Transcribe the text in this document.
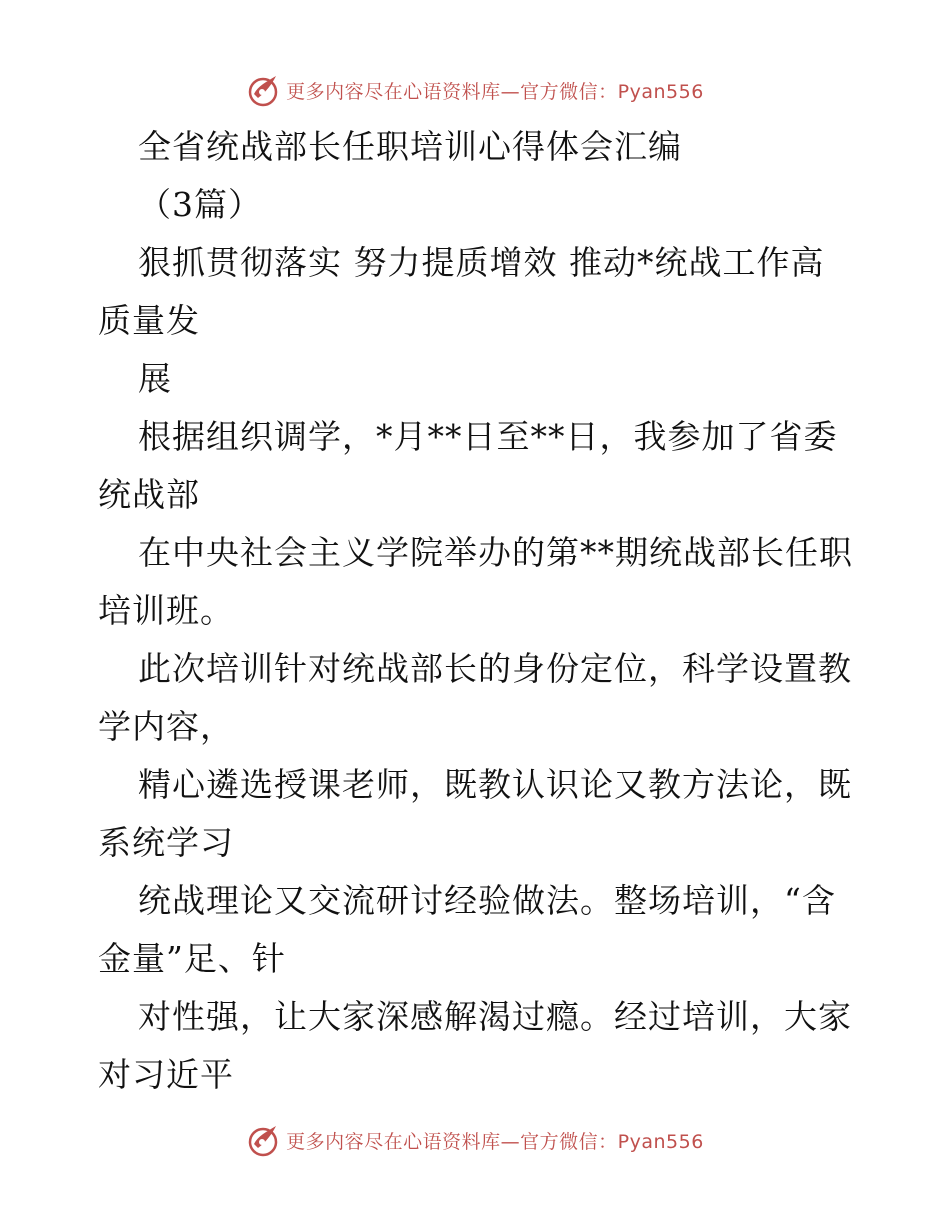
更多内容尽在心语资料库—官方微信：Pyan556
全省统战部长任职培训心得体会汇编
（3篇）
狠抓贯彻落实 努力提质增效 推动*统战工作高
质量发
展
根据组织调学，*月**日至**日，我参加了省委
统战部
在中央社会主义学院举办的第**期统战部长任职
培训班。
此次培训针对统战部长的身份定位，科学设置教
学内容，
精心遴选授课老师，既教认识论又教方法论，既
系统学习
统战理论又交流研讨经验做法。整场培训，“含
金量”足、针
对性强，让大家深感解渴过瘾。经过培训，大家
对习近平
更多内容尽在心语资料库—官方微信：Pyan556
